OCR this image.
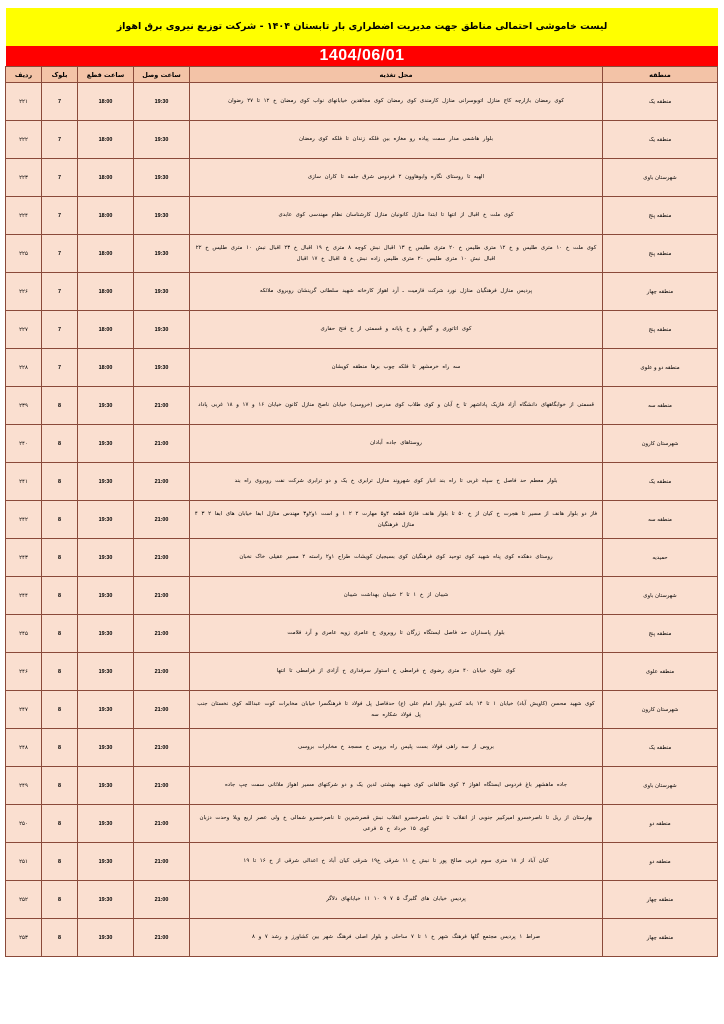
لیست خاموشی احتمالی مناطق جهت مدیریت اضطراری بار تابستان ۱۴۰۴ - شرکت توزیع نیروی برق اهواز
1404/06/01
منطقه	محل تغذیه	ساعت وصل	ساعت قطع	بلوک	ردیف
منطقه یک	کوی رمضان بازارچه کاج منازل اتوبوسرانی منازل کارمندی کوی رمضان کوی مجاهدین خیابانهای نواب کوی رمضان خ ۱۲ تا ۲۷ رضوان	19:30	18:00	7	۲۲۱
منطقه یک	بلوار هاشمی مدار سمت پیاده رو مغازه بین فلکه زندان تا فلکه کوی رمضان	19:30	18:00	7	۲۲۲
شهرستان باوی	الهیه تا روستای نگاره وابوهاوون ۲ فردوس شرق جلمه تا کاران سازی	19:30	18:00	7	۲۲۳
منطقه پنج	کوی ملت خ اقبال از انتها تا ابتدا منازل کانونیان منازل کارشناسان نظام مهندسی کوی عابدی	19:30	18:00	7	۲۲۴
منطقه پنج	کوی ملت خ ۱۰ متری طلیس و خ ۱۲ متری طلیس خ ۲۰ متری طلیس خ ۱۳ اقبال نبش کوچه ۸ متری خ ۱۹ اقبال خ ۲۳ اقبال نبش ۱۰ متری طلیس خ ۲۲ اقبال نبش ۱۰ متری طلیس ۲۰ متری طلیس زاده نبش خ ۵ اقبال خ ۱۷ اقبال	19:30	18:00	7	۲۲۵
منطقه چهار	پردیس منازل فرهنگیان منازل نورد شرکت فارمیت ـ آرد اهواز کارخانه شهید سلطانی گرینشان روبروی ملائکه	19:30	18:00	7	۲۲۶
منطقه پنج	کوی اتاتوری و گلبهار و خ پایانه و قسمتی از خ فتح حفاری	19:30	18:00	7	۲۲۷
منطقه دو و علوی	سه راه خرمشهر تا فلکه چوب برها منطقه کویشان	19:30	18:00	7	۲۲۸
منطقه سه	قسمتی از خوابگاههای دانشگاه آزاد فازیک پاداشهر تا خ آبان و کوی طلاب کوی مدرس (خروسی) خیابان ناصح منازل کانون خیابان ۱۶ و ۱۷ و ۱۸ غربی پاداد	21:00	19:30	8	۲۳۹
شهرستان کارون	روستاهای جاده آبادان	21:00	19:30	8	۲۴۰
منطقه یک	بلوار معطم حد فاصل خ سپاه غربی تا راه بند انبار کوی شهروند منازل ترابری خ یک و دو ترابری شرکت نفت روبروی راه بند	21:00	19:30	8	۲۴۱
منطقه سه	فاز دو بلوار هانف از مسیر تا هجرت خ کیان از خ ۵۰ تا بلوار هانف فاز۵ قطعه ۴و۵ مهارت ۲ ۲ ۱ و است ۱و۲و۳ مهندس منازل ابفا خیابان های ابفا ۲ ۳ ۴ منازل فرهنگیان	21:00	19:30	8	۲۴۲
حمیدیه	روستای دهکده کوی پناه شهید کوی توحید کوی فرهنگیان کوی بسیجیان کویشات طراح ۱و۲ راسته ۲ مسیر عقیلی خاک نخبان	21:00	19:30	8	۲۴۳
شهرستان باوی	شیبان از خ ۱ تا ۲ شیبان بهداشت شیبان	21:00	19:30	8	۲۴۴
منطقه پنج	بلوار پاسداران حد فاصل ایستگاه زرگان تا روبروی خ عامری زویه عامری و آرد فلامت	21:00	19:30	8	۲۴۵
منطقه علوی	کوی علوی خیابان ۴۰ متری رضوی خ فرامطی خ استوار سرفداری خ آزادی از فرامطی تا انتها	21:00	19:30	8	۲۴۶
شهرستان کارون	کوی شهید محسن (کاویش آباد) خیابان ۱ تا ۱۴ باند کندرو بلوار امام علی (ع) حدفاصل پل فولاد تا فرهنگسرا خیابان مخابرات کوت عبدالله کوی نخستان جنب پل فولاد شکاره سه	21:00	19:30	8	۲۴۷
منطقه یک	بروس از سه راهی فولاد بست پلیس راه بروس خ مسجد خ مخابرات بروسی	21:00	19:30	8	۲۴۸
شهرستان باوی	جاده ماهشهر باغ فردوس ایستگاه اهواز ۲ کوی طالقانی کوی شهید بهشتی لدین یک و دو شرکتهای مسیر اهواز ملاثانی سمت چپ جاده	21:00	19:30	8	۲۴۹
منطقه دو	بهارستان از ریل تا ناصرخسرو امیرکبیر جنوبی از انقلاب تا نبش ناصرخسرو انقلاب نبش قصرشیرین تا ناصرخسرو شمالی خ ولی عصر اربع ویلا وحدت دزبان کوی ۱۵ خرداد خ ۵ فرعی	21:00	19:30	8	۲۵۰
منطقه دو	کیان آباد از ۱۸ متری سوم غربی صالح پور تا نبش خ ۱۱ شرقی خ۱۹ شرقی کیان آباد خ اعدالی شرقی از خ ۱۶ تا ۱۹	21:00	19:30	8	۲۵۱
منطقه چهار	پردیس خیابان های گلبرگ ۵ ۷ ۹ ۱۰ ۱۱ خیابانهای دلاگر	21:00	19:30	8	۲۵۲
منطقه چهار	صراط ۱ پردیس مجتمع گلها فرهنگ شهر خ ۱ تا ۷ ساحلی و بلوار اصلی فرهنگ شهر بین کشاورز و رشد ۷ و ۸	21:00	19:30	8	۲۵۳
